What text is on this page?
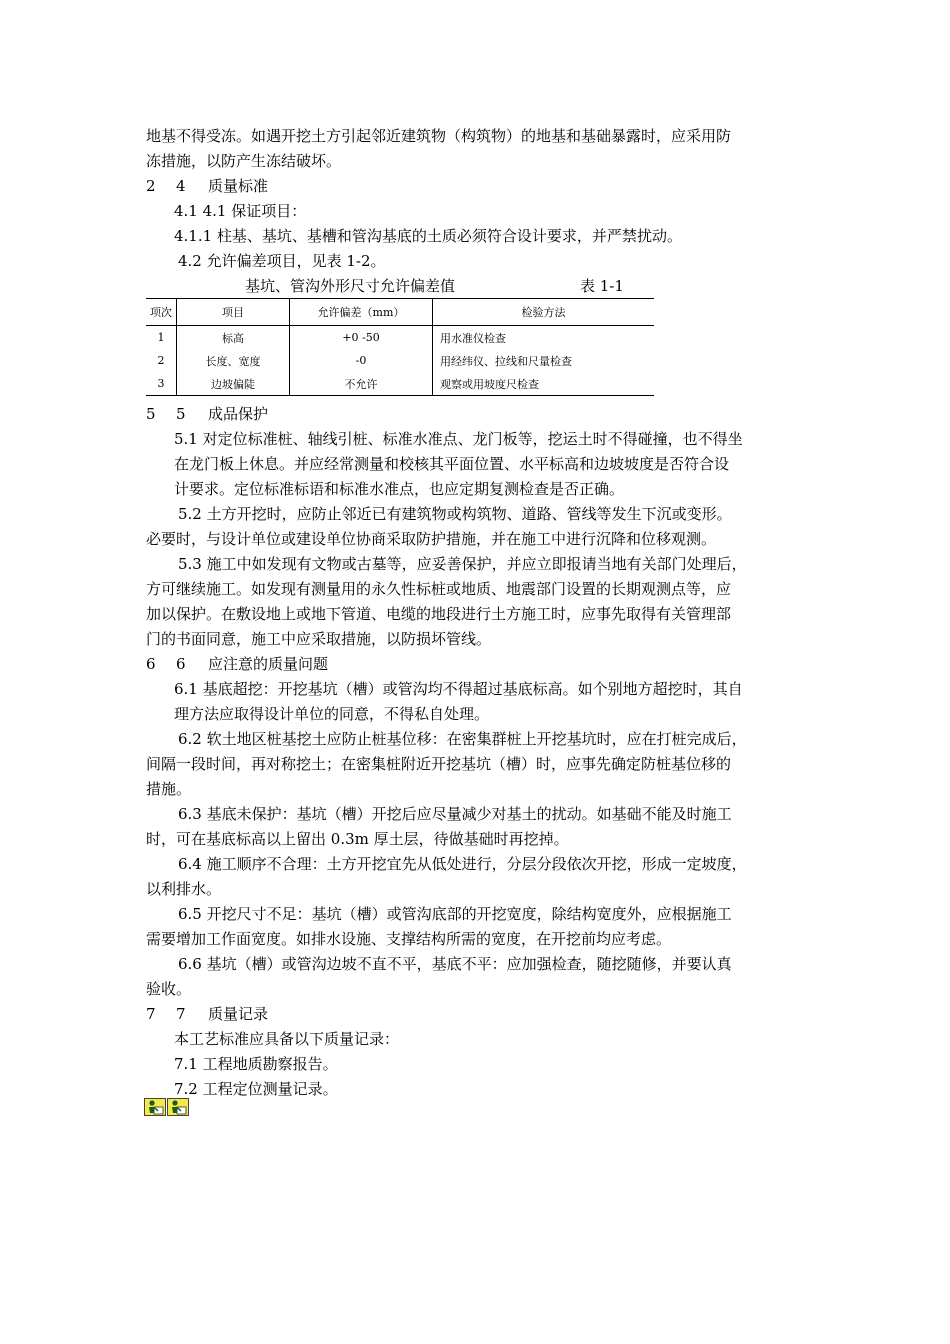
地基不得受冻。如遇开挖土方引起邻近建筑物（构筑物）的地基和基础暴露时，应采用防
冻措施，以防产生冻结破坏。
2 4 质量标准
4.1 4.1 保证项目：
4.1.1 柱基、基坑、基槽和管沟基底的土质必须符合设计要求，并严禁扰动。
4.2 允许偏差项目，见表 1-2。
基坑、管沟外形尺寸允许偏差值	表 1-1
项次	项目	允许偏差（mm）	检验方法
1	标高	+0 -50	用水准仪检查
2	长度、宽度	-0	用经纬仪、拉线和尺量检查
3	边坡偏陡	不允许	观察或用坡度尺检查
5 5 成品保护
5.1 对定位标准桩、轴线引桩、标准水准点、龙门板等，挖运土时不得碰撞，也不得坐
在龙门板上休息。并应经常测量和校核其平面位置、水平标高和边坡坡度是否符合设
计要求。定位标准标语和标准水准点，也应定期复测检查是否正确。
5.2 土方开挖时，应防止邻近已有建筑物或构筑物、道路、管线等发生下沉或变形。
必要时，与设计单位或建设单位协商采取防护措施，并在施工中进行沉降和位移观测。
5.3 施工中如发现有文物或古墓等，应妥善保护，并应立即报请当地有关部门处理后，
方可继续施工。如发现有测量用的永久性标桩或地质、地震部门设置的长期观测点等，应
加以保护。在敷设地上或地下管道、电缆的地段进行土方施工时，应事先取得有关管理部
门的书面同意，施工中应采取措施，以防损坏管线。
6 6 应注意的质量问题
6.1 基底超挖：开挖基坑（槽）或管沟均不得超过基底标高。如个别地方超挖时，其自
理方法应取得设计单位的同意，不得私自处理。
6.2 软土地区桩基挖土应防止桩基位移：在密集群桩上开挖基坑时，应在打桩完成后，
间隔一段时间，再对称挖土；在密集桩附近开挖基坑（槽）时，应事先确定防桩基位移的
措施。
6.3 基底未保护：基坑（槽）开挖后应尽量减少对基土的扰动。如基础不能及时施工
时，可在基底标高以上留出 0.3m 厚土层，待做基础时再挖掉。
6.4 施工顺序不合理：土方开挖宜先从低处进行，分层分段依次开挖，形成一定坡度，
以利排水。
6.5 开挖尺寸不足：基坑（槽）或管沟底部的开挖宽度，除结构宽度外，应根据施工
需要增加工作面宽度。如排水设施、支撑结构所需的宽度，在开挖前均应考虑。
6.6 基坑（槽）或管沟边坡不直不平，基底不平：应加强检查，随挖随修，并要认真
验收。
7 7 质量记录
本工艺标准应具备以下质量记录：
7.1 工程地质勘察报告。
7.2 工程定位测量记录。
